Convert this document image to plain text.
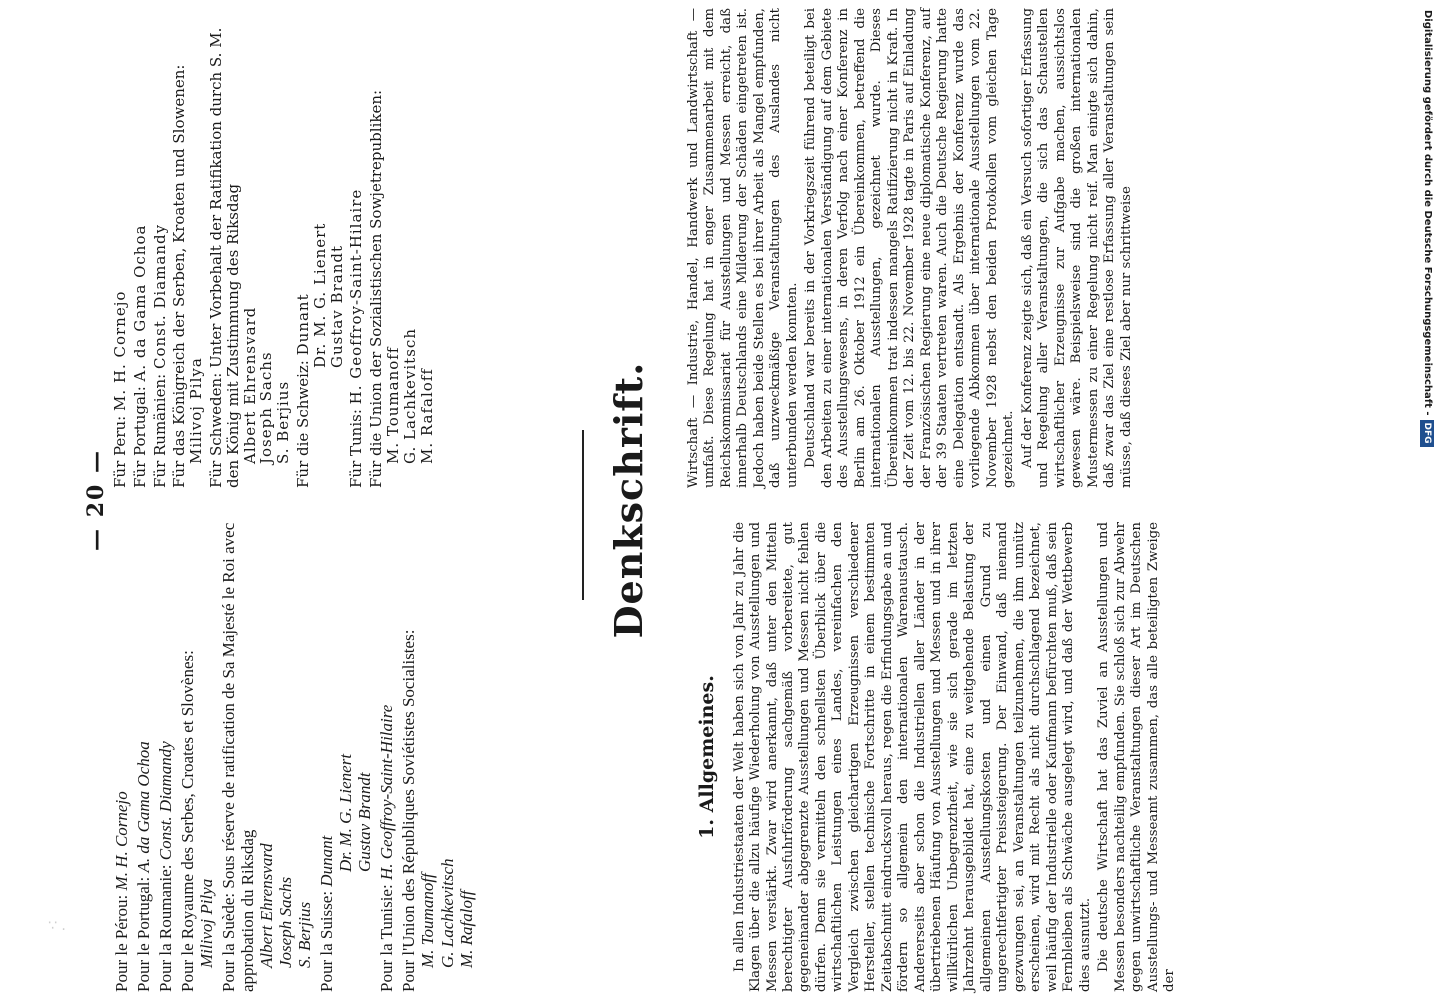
— 20 —
Pour le Pérou: M. H. Cornejo
Pour le Portugal: A. da Gama Ochoa
Pour la Roumanie: Const. Diamandy Pour le Royaume des Serbes, Croates et Slovènes: Milivoj Pilya Pour la Suède: Sous réserve de ratification de Sa Majesté le Roi avec approbation du Riksdag Albert Ehrensvard Joseph Sachs S. Berjius Pour la Suisse: Dunant Dr. M. G. Lienert Gustav Brandt
Pour la Tunisie: H. Geoffroy-Saint-Hilaire Pour l'Union des Républiques Soviétistes Socialistes: M. Toumanoff G. Lachkevitsch M. Rafaloff
Für Peru: M. H. Cornejo
Für Portugal: A. da Gama Ochoa
Für Rumänien: Const. Diamandy Für das Königreich der Serben, Kroaten und Slowenen:
Milivoj Pilya Für Schweden: Unter Vorbehalt der Ratifikation durch S. M. den König mit Zustimmung des Riksdag
Albert Ehrensvard
Joseph Sachs
S. Berjius Für die Schweiz: Dunant
Dr. M. G. Lienert
Gustav Brandt
Für Tunis: H. Geoffroy-Saint-Hilaire Für die Union der Sozialistischen Sowjetrepubliken:
M. Toumanoff
G. Lachkevitsch
M. Rafaloff	Denkschrift.
1. Allgemeines. In allen Industriestaaten der Welt haben sich von Jahr zu Jahr die Klagen über die allzu häufige Wiederholung von Ausstellungen und Messen verstärkt. Zwar wird anerkannt, daß unter den Mitteln berechtigter Ausfuhrförderung sachgemäß vorbereitete, gut gegeneinander abgegrenzte Ausstellungen und Messen nicht fehlen dürfen. Denn sie vermitteln den schnellsten Überblick über die wirtschaftlichen Leistungen eines Landes, vereinfachen den Vergleich zwischen gleichartigen Erzeugnissen verschiedener Hersteller, stellen technische Fortschritte in einem bestimmten Zeitabschnitt eindrucksvoll heraus, regen die Erfindungsgabe an und fördern so allgemein den internationalen Warenaustausch. Andererseits aber schon die Industriellen aller Länder in der übertriebenen Häufung von Ausstellungen und Messen und in ihrer willkürlichen Unbegrenztheit, wie sie sich gerade im letzten Jahrzehnt herausgebildet hat, eine zu weitgehende Belastung der allgemeinen Ausstellungskosten und einen Grund zu ungerechtfertigter Preissteigerung. Der Einwand, daß niemand gezwungen sei, an Veranstaltungen teilzunehmen, die ihm unnütz erscheinen, wird mit Recht als nicht durchschlagend bezeichnet, weil häufig der Industrielle oder Kaufmann befürchten muß, daß sein Fernbleiben als Schwäche ausgelegt wird, und daß der Wettbewerb dies ausnutzt. Die deutsche Wirtschaft hat das Zuviel an Ausstellungen und Messen besonders nachteilig empfunden. Sie schloß sich zur Abwehr gegen unwirtschaftliche Veranstaltungen dieser Art im Deutschen Ausstellungs- und Messeamt zusammen, das alle beteiligten Zweige der

Wirtschaft — Industrie, Handel, Handwerk und Landwirtschaft — umfaßt. Diese Regelung hat in enger Zusammenarbeit mit dem Reichskommissariat für Ausstellungen und Messen erreicht, daß innerhalb Deutschlands eine Milderung der Schäden eingetreten ist. Jedoch haben beide Stellen es bei ihrer Arbeit als Mangel empfunden, daß unzweckmäßige Veranstaltungen des Auslandes nicht unterbunden werden konnten. Deutschland war bereits in der Vorkriegszeit führend beteiligt bei den Arbeiten zu einer internationalen Verständigung auf dem Gebiete des Ausstellungswesens, in deren Verfolg nach einer Konferenz in Berlin am 26. Oktober 1912 ein Übereinkommen, betreffend die internationalen Ausstellungen, gezeichnet wurde. Dieses Übereinkommen trat indessen mangels Ratifizierung nicht in Kraft. In der Zeit vom 12. bis 22. November 1928 tagte in Paris auf Einladung der Französischen Regierung eine neue diplomatische Konferenz, auf der 39 Staaten vertreten waren. Auch die Deutsche Regierung hatte eine Delegation entsandt. Als Ergebnis der Konferenz wurde das vorliegende Abkommen über internationale Ausstellungen vom 22. November 1928 nebst den beiden Protokollen vom gleichen Tage gezeichnet. Auf der Konferenz zeigte sich, daß ein Versuch sofortiger Erfassung und Regelung aller Veranstaltungen, die sich das Schaustellen wirtschaftlicher Erzeugnisse zur Aufgabe machen, aussichtslos gewesen wäre. Beispielsweise sind die großen internationalen Mustermessen zu einer Regelung nicht reif. Man einigte sich dahin, daß zwar das Ziel eine restlose Erfassung aller Veranstaltungen sein müsse, daß dieses Ziel aber nur schrittweise

∵ .
Digitalisierung gefördert durch die Deutsche Forschungsgemeinschaft -DFG
